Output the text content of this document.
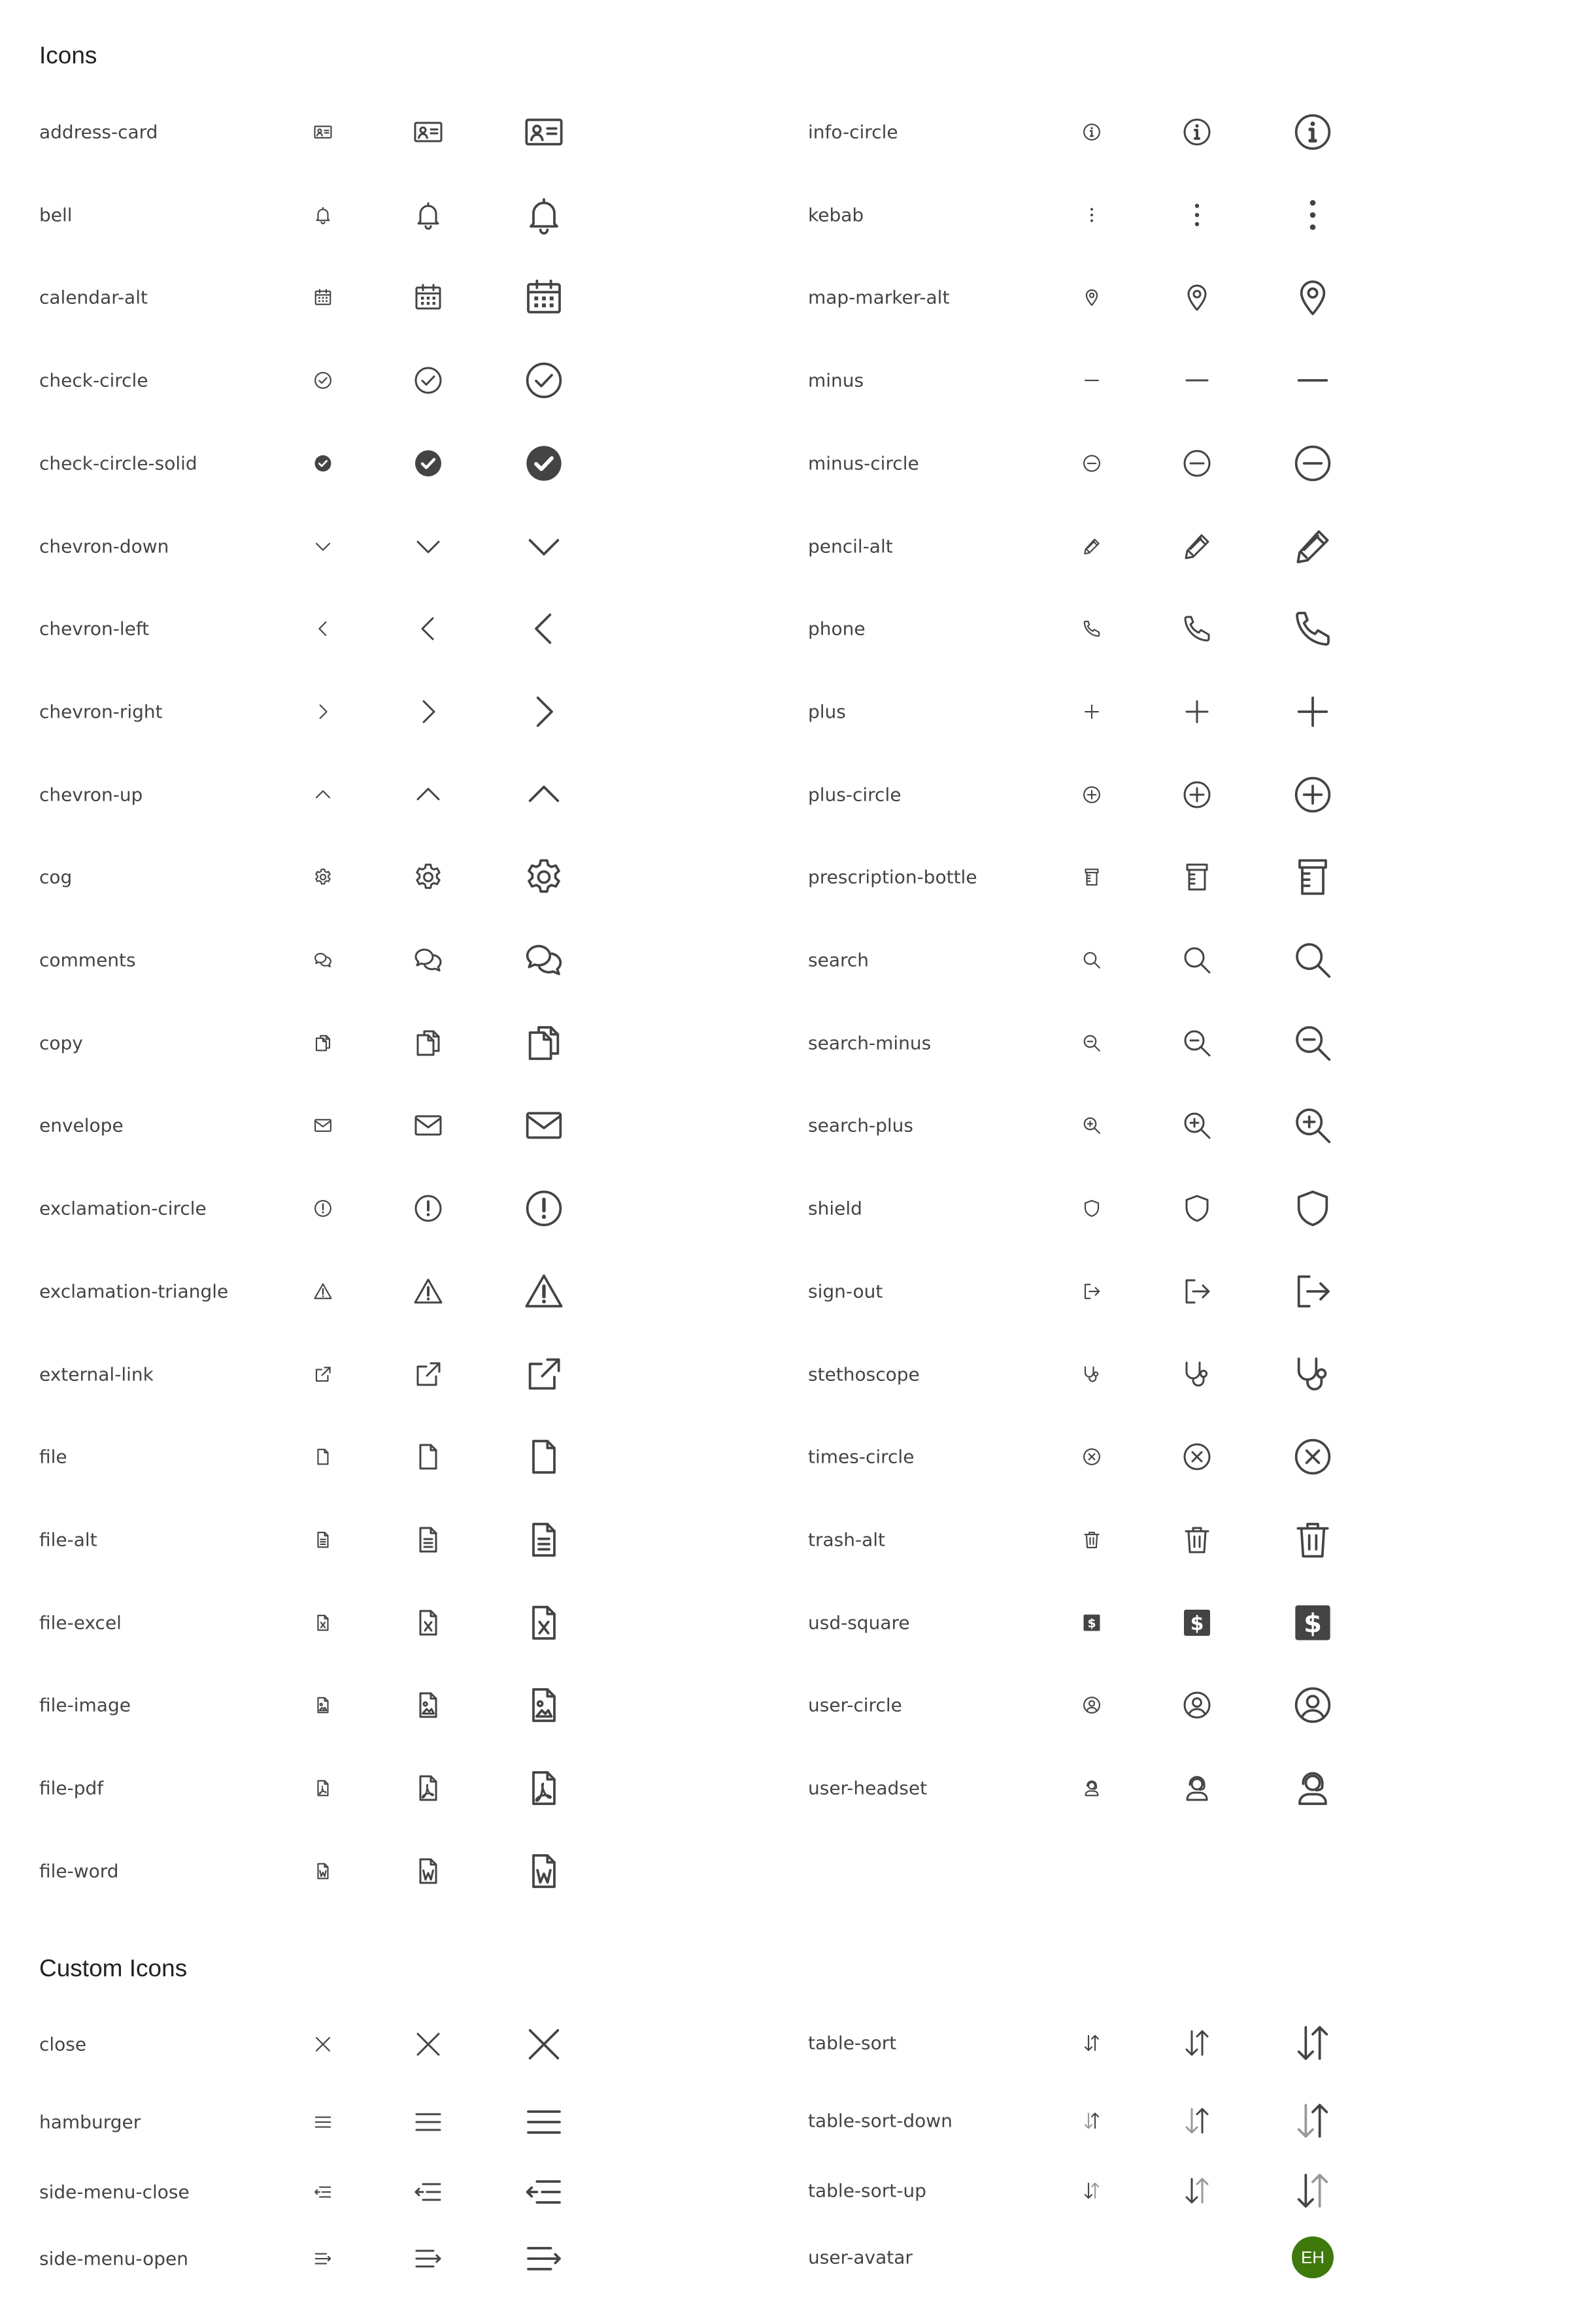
Icons
Custom Icons
address-card
bell
calendar-alt
check-circle
check-circle-solid
chevron-down
chevron-left
chevron-right
chevron-up
cog
comments
copy
envelope
exclamation-circle
exclamation-triangle
external-link
file
file-alt
file-excel
file-image
file-pdf
file-word
info-circle
kebab
map-marker-alt
minus
minus-circle
pencil-alt
phone
plus
plus-circle
prescription-bottle
search
search-minus
search-plus
shield
sign-out
stethoscope
times-circle
trash-alt
usd-square	$	$	$
user-circle
user-headset
close
hamburger
side-menu-close
side-menu-open
table-sort
table-sort-down
table-sort-up
user-avatar	EH
